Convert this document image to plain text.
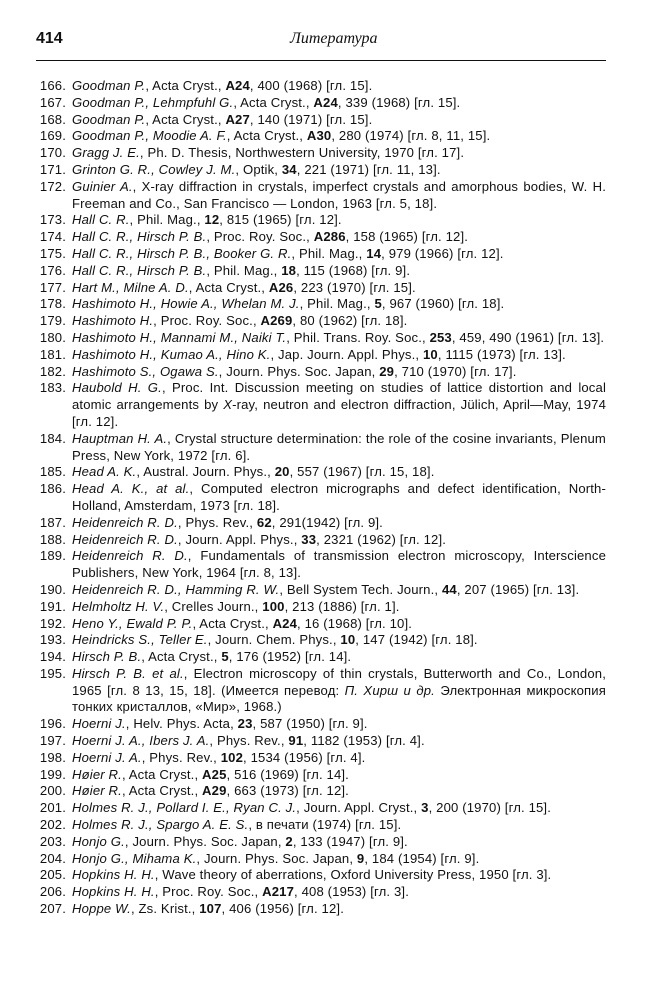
414	Литература
166. Goodman P., Acta Cryst., A24, 400 (1968) [гл. 15].
167. Goodman P., Lehmpfuhl G., Acta Cryst., A24, 339 (1968) [гл. 15].
168. Goodman P., Acta Cryst., A27, 140 (1971) [гл. 15].
169. Goodman P., Moodie A. F., Acta Cryst., A30, 280 (1974) [гл. 8, 11, 15].
170. Gragg J. E., Ph. D. Thesis, Northwestern University, 1970 [гл. 17].
171. Grinton G. R., Cowley J. M., Optik, 34, 221 (1971) [гл. 11, 13].
172. Guinier A., X-ray diffraction in crystals, imperfect crystals and amorphous bodies, W. H. Freeman and Co., San Francisco — London, 1963 [гл. 5, 18].
173. Hall C. R., Phil. Mag., 12, 815 (1965) [гл. 12].
174. Hall C. R., Hirsch P. B., Proc. Roy. Soc., A286, 158 (1965) [гл. 12].
175. Hall C. R., Hirsch P. B., Booker G. R., Phil. Mag., 14, 979 (1966) [гл. 12].
176. Hall C. R., Hirsch P. B., Phil. Mag., 18, 115 (1968) [гл. 9].
177. Hart M., Milne A. D., Acta Cryst., A26, 223 (1970) [гл. 15].
178. Hashimoto H., Howie A., Whelan M. J., Phil. Mag., 5, 967 (1960) [гл. 18].
179. Hashimoto H., Proc. Roy. Soc., A269, 80 (1962) [гл. 18].
180. Hashimoto H., Mannami M., Naiki T., Phil. Trans. Roy. Soc., 253, 459, 490 (1961) [гл. 13].
181. Hashimoto H., Kumao A., Hino K., Jap. Journ. Appl. Phys., 10, 1115 (1973) [гл. 13].
182. Hashimoto S., Ogawa S., Journ. Phys. Soc. Japan, 29, 710 (1970) [гл. 17].
183. Haubold H. G., Proc. Int. Discussion meeting on studies of lattice distortion and local atomic arrangements by X-ray, neutron and electron diffraction, Jülich, April—May, 1974 [гл. 12].
184. Hauptman H. A., Crystal structure determination: the role of the cosine invariants, Plenum Press, New York, 1972 [гл. 6].
185. Head A. K., Austral. Journ. Phys., 20, 557 (1967) [гл. 15, 18].
186. Head A. K., at al., Computed electron micrographs and defect identification, North-Holland, Amsterdam, 1973 [гл. 18].
187. Heidenreich R. D., Phys. Rev., 62, 291(1942) [гл. 9].
188. Heidenreich R. D., Journ. Appl. Phys., 33, 2321 (1962) [гл. 12].
189. Heidenreich R. D., Fundamentals of transmission electron microscopy, Interscience Publishers, New York, 1964 [гл. 8, 13].
190. Heidenreich R. D., Hamming R. W., Bell System Tech. Journ., 44, 207 (1965) [гл. 13].
191. Helmholtz H. V., Crelles Journ., 100, 213 (1886) [гл. 1].
192. Heno Y., Ewald P. P., Acta Cryst., A24, 16 (1968) [гл. 10].
193. Heindricks S., Teller E., Journ. Chem. Phys., 10, 147 (1942) [гл. 18].
194. Hirsch P. B., Acta Cryst., 5, 176 (1952) [гл. 14].
195. Hirsch P. B. et al., Electron microscopy of thin crystals, Butterworth and Co., London, 1965 [гл. 8 13, 15, 18]. (Имеется перевод: П. Хирш и др. Электронная микроскопия тонких кристаллов, «Мир», 1968.)
196. Hoerni J., Helv. Phys. Acta, 23, 587 (1950) [гл. 9].
197. Hoerni J. A., Ibers J. A., Phys. Rev., 91, 1182 (1953) [гл. 4].
198. Hoerni J. A., Phys. Rev., 102, 1534 (1956) [гл. 4].
199. Høier R., Acta Cryst., A25, 516 (1969) [гл. 14].
200. Høier R., Acta Cryst., A29, 663 (1973) [гл. 12].
201. Holmes R. J., Pollard I. E., Ryan C. J., Journ. Appl. Cryst., 3, 200 (1970) [гл. 15].
202. Holmes R. J., Spargo A. E. S., в печати (1974) [гл. 15].
203. Honjo G., Journ. Phys. Soc. Japan, 2, 133 (1947) [гл. 9].
204. Honjo G., Mihama K., Journ. Phys. Soc. Japan, 9, 184 (1954) [гл. 9].
205. Hopkins H. H., Wave theory of aberrations, Oxford University Press, 1950 [гл. 3].
206. Hopkins H. H., Proc. Roy. Soc., A217, 408 (1953) [гл. 3].
207. Hoppe W., Zs. Krist., 107, 406 (1956) [гл. 12].
